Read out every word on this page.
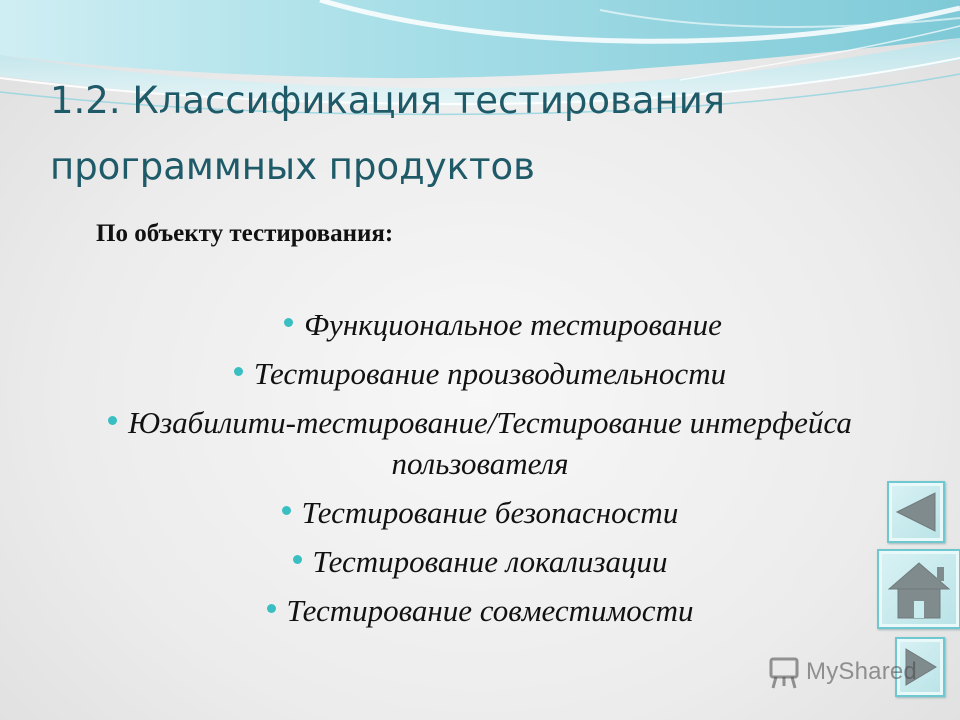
1.2. Классификация тестирования программных продуктов

По объекту тестирования:

Функциональное тестирование
Тестирование производительности
Юзабилити-тестирование/Тестирование интерфейса пользователя
Тестирование безопасности
Тестирование локализации
Тестирование совместимости
MyShared
